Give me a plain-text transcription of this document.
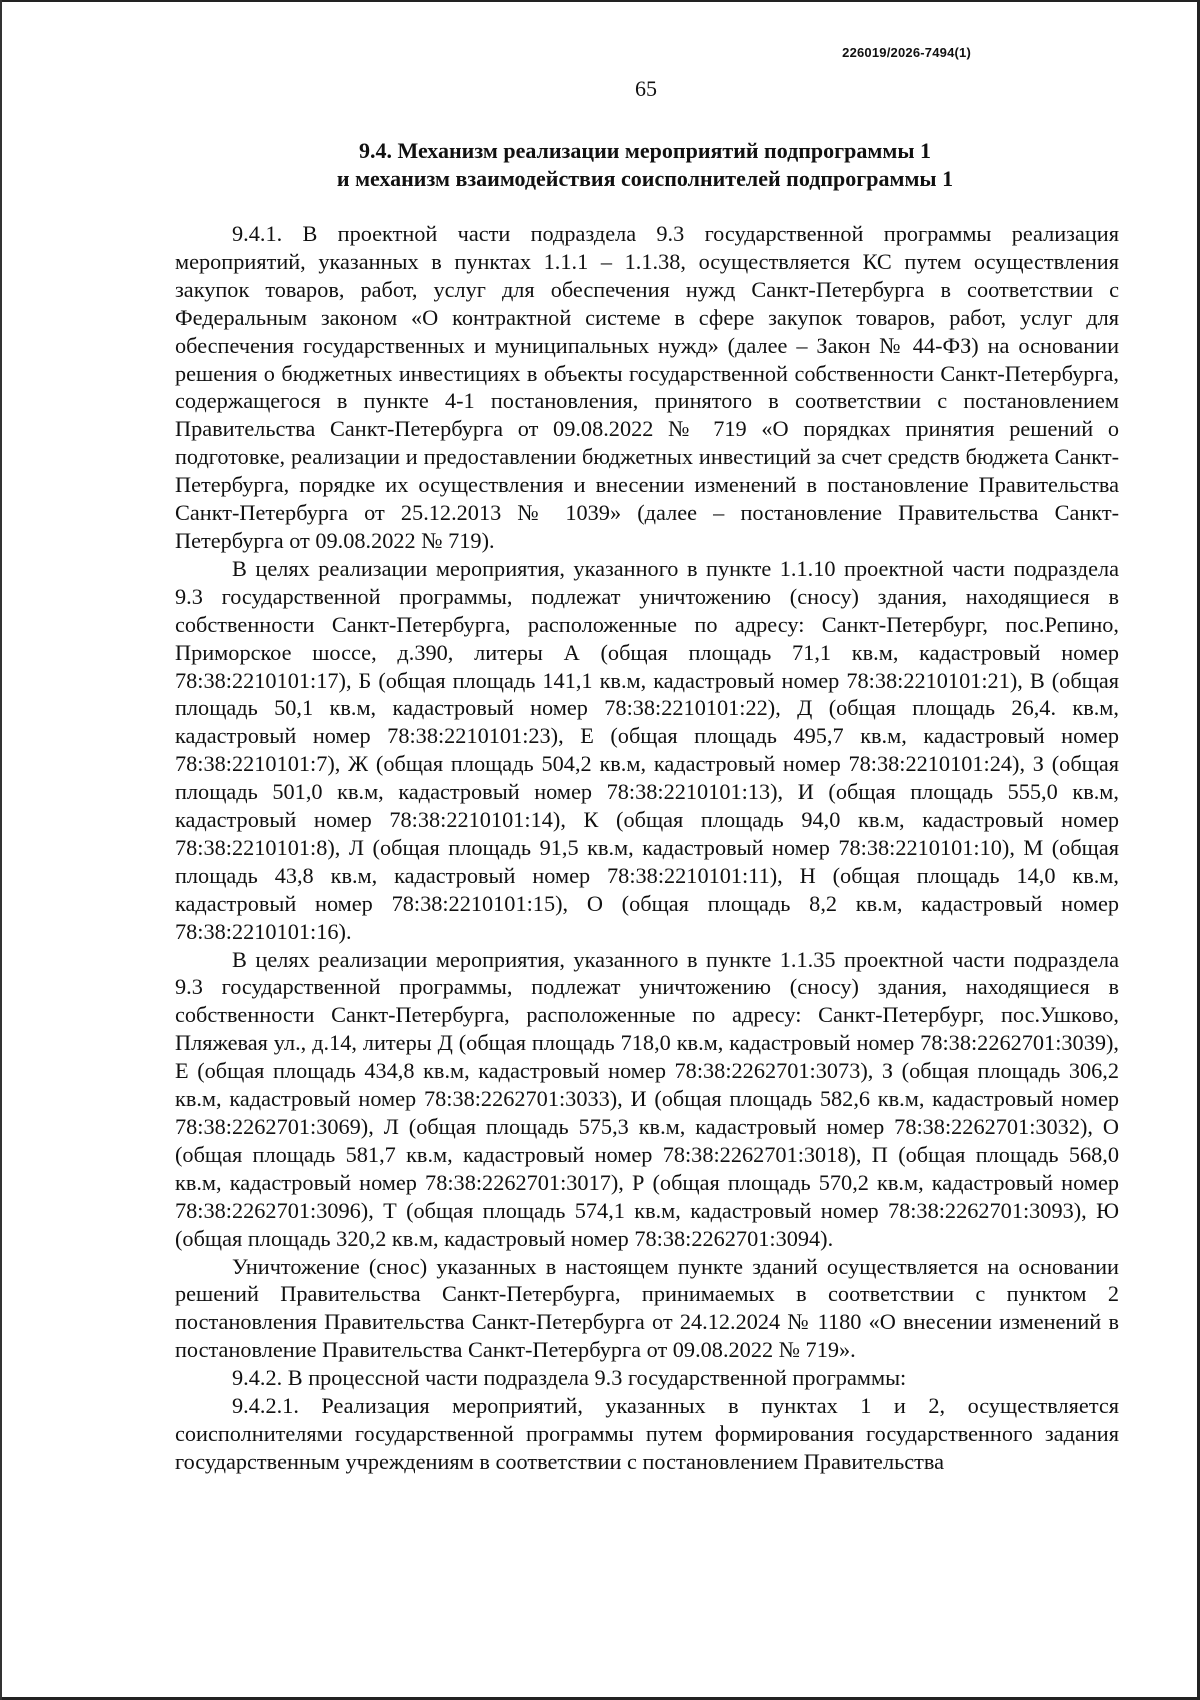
226019/2026-7494(1)
65
9.4. Механизм реализации мероприятий подпрограммы 1
и механизм взаимодействия соисполнителей подпрограммы 1

9.4.1. В проектной части подраздела 9.3 государственной программы реализация мероприятий, указанных в пунктах 1.1.1 – 1.1.38, осуществляется КС путем осуществления закупок товаров, работ, услуг для обеспечения нужд Санкт-Петербурга в соответствии с Федеральным законом «О контрактной системе в сфере закупок товаров, работ, услуг для обеспечения государственных и муниципальных нужд» (далее – Закон № 44-ФЗ) на основании решения о бюджетных инвестициях в объекты государственной собственности Санкт-Петербурга, содержащегося в пункте 4-1 постановления, принятого в соответствии с постановлением Правительства Санкт-Петербурга от 09.08.2022 № 719 «О порядках принятия решений о подготовке, реализации и предоставлении бюджетных инвестиций за счет средств бюджета Санкт-Петербурга, порядке их осуществления и внесении изменений в постановление Правительства Санкт-Петербурга от 25.12.2013 № 1039» (далее – постановление Правительства Санкт-Петербурга от 09.08.2022 № 719).

В целях реализации мероприятия, указанного в пункте 1.1.10 проектной части подраздела 9.3 государственной программы, подлежат уничтожению (сносу) здания, находящиеся в собственности Санкт-Петербурга, расположенные по адресу: Санкт-Петербург, пос.Репино, Приморское шоссе, д.390, литеры А (общая площадь 71,1 кв.м, кадастровый номер 78:38:2210101:17), Б (общая площадь 141,1 кв.м, кадастровый номер 78:38:2210101:21), В (общая площадь 50,1 кв.м, кадастровый номер 78:38:2210101:22), Д (общая площадь 26,4. кв.м, кадастровый номер 78:38:2210101:23), Е (общая площадь 495,7 кв.м, кадастровый номер 78:38:2210101:7), Ж (общая площадь 504,2 кв.м, кадастровый номер 78:38:2210101:24), З (общая площадь 501,0 кв.м, кадастровый номер 78:38:2210101:13), И (общая площадь 555,0 кв.м, кадастровый номер 78:38:2210101:14), К (общая площадь 94,0 кв.м, кадастровый номер 78:38:2210101:8), Л (общая площадь 91,5 кв.м, кадастровый номер 78:38:2210101:10), М (общая площадь 43,8 кв.м, кадастровый номер 78:38:2210101:11), Н (общая площадь 14,0 кв.м, кадастровый номер 78:38:2210101:15), О (общая площадь 8,2 кв.м, кадастровый номер 78:38:2210101:16).

В целях реализации мероприятия, указанного в пункте 1.1.35 проектной части подраздела 9.3 государственной программы, подлежат уничтожению (сносу) здания, находящиеся в собственности Санкт-Петербурга, расположенные по адресу: Санкт-Петербург, пос.Ушково, Пляжевая ул., д.14, литеры Д (общая площадь 718,0 кв.м, кадастровый номер 78:38:2262701:3039), Е (общая площадь 434,8 кв.м, кадастровый номер 78:38:2262701:3073), З (общая площадь 306,2 кв.м, кадастровый номер 78:38:2262701:3033), И (общая площадь 582,6 кв.м, кадастровый номер 78:38:2262701:3069), Л (общая площадь 575,3 кв.м, кадастровый номер 78:38:2262701:3032), О (общая площадь 581,7 кв.м, кадастровый номер 78:38:2262701:3018), П (общая площадь 568,0 кв.м, кадастровый номер 78:38:2262701:3017), Р (общая площадь 570,2 кв.м, кадастровый номер 78:38:2262701:3096), Т (общая площадь 574,1 кв.м, кадастровый номер 78:38:2262701:3093), Ю (общая площадь 320,2 кв.м, кадастровый номер 78:38:2262701:3094).

Уничтожение (снос) указанных в настоящем пункте зданий осуществляется на основании решений Правительства Санкт-Петербурга, принимаемых в соответствии с пунктом 2 постановления Правительства Санкт-Петербурга от 24.12.2024 № 1180 «О внесении изменений в постановление Правительства Санкт-Петербурга от 09.08.2022 № 719».

9.4.2. В процессной части подраздела 9.3 государственной программы:

9.4.2.1. Реализация мероприятий, указанных в пунктах 1 и 2, осуществляется соисполнителями государственной программы путем формирования государственного задания государственным учреждениям в соответствии с постановлением Правительства
